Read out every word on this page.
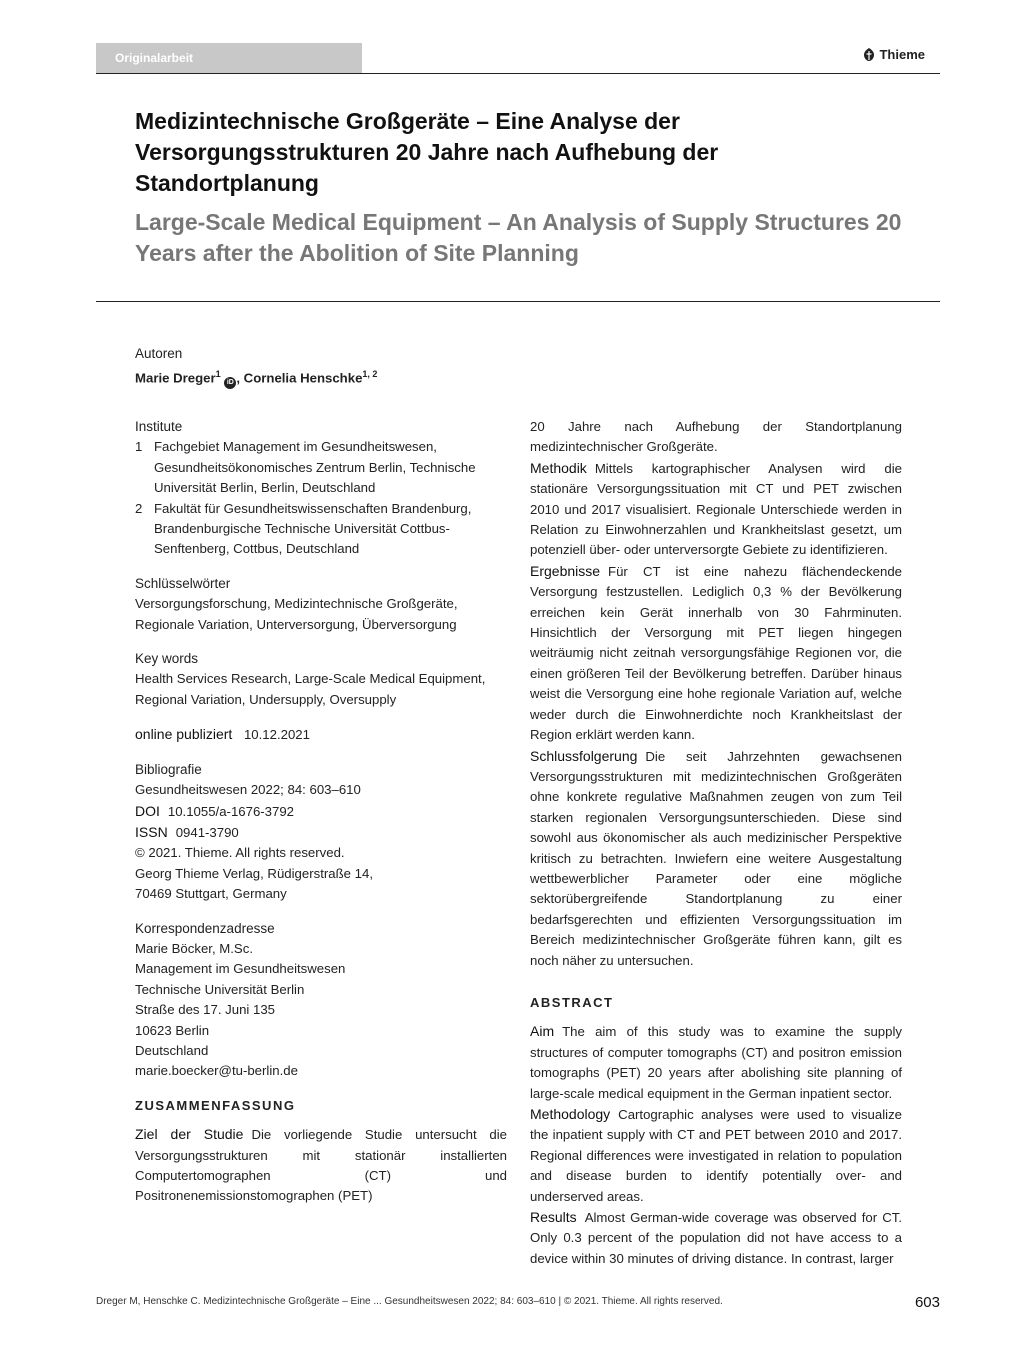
Originalarbeit	Thieme
Medizintechnische Großgeräte – Eine Analyse der Versorgungsstrukturen 20 Jahre nach Aufhebung der Standortplanung
Large-Scale Medical Equipment – An Analysis of Supply Structures 20 Years after the Abolition of Site Planning
Autoren
Marie Dreger$^1$ iD , Cornelia Henschke$^{1, 2}$
Institute
1 Fachgebiet Management im Gesundheitswesen, Gesundheitsökonomisches Zentrum Berlin, Technische Universität Berlin, Berlin, Deutschland
2 Fakultät für Gesundheitswissenschaften Brandenburg, Brandenburgische Technische Universität Cottbus-Senftenberg, Cottbus, Deutschland
Schlüsselwörter
Versorgungsforschung, Medizintechnische Großgeräte, Regionale Variation, Unterversorgung, Überversorgung
Key words
Health Services Research, Large-Scale Medical Equipment, Regional Variation, Undersupply, Oversupply
online publiziert 10.12.2021
Bibliografie
Gesundheitswesen 2022; 84: 603–610
DOI 10.1055/a-1676-3792
ISSN 0941-3790
© 2021. Thieme. All rights reserved.
Georg Thieme Verlag, Rüdigerstraße 14,
70469 Stuttgart, Germany
Korrespondenzadresse
Marie Böcker, M.Sc.
Management im Gesundheitswesen
Technische Universität Berlin
Straße des 17. Juni 135
10623 Berlin
Deutschland
marie.boecker@tu-berlin.de
ZUSAMMENFASSUNG

Ziel der Studie Die vorliegende Studie untersucht die Versorgungsstrukturen mit stationär installierten Computertomographen (CT) und Positronenemissionstomographen (PET)

20 Jahre nach Aufhebung der Standortplanung medizintechnischer Großgeräte.

Methodik Mittels kartographischer Analysen wird die stationäre Versorgungssituation mit CT und PET zwischen 2010 und 2017 visualisiert. Regionale Unterschiede werden in Relation zu Einwohnerzahlen und Krankheitslast gesetzt, um potenziell über- oder unterversorgte Gebiete zu identifizieren.

Ergebnisse Für CT ist eine nahezu flächendeckende Versorgung festzustellen. Lediglich 0,3 % der Bevölkerung erreichen kein Gerät innerhalb von 30 Fahrminuten. Hinsichtlich der Versorgung mit PET liegen hingegen weiträumig nicht zeitnah versorgungsfähige Regionen vor, die einen größeren Teil der Bevölkerung betreffen. Darüber hinaus weist die Versorgung eine hohe regionale Variation auf, welche weder durch die Einwohnerdichte noch Krankheitslast der Region erklärt werden kann.

Schlussfolgerung Die seit Jahrzehnten gewachsenen Versorgungsstrukturen mit medizintechnischen Großgeräten ohne konkrete regulative Maßnahmen zeugen von zum Teil starken regionalen Versorgungsunterschieden. Diese sind sowohl aus ökonomischer als auch medizinischer Perspektive kritisch zu betrachten. Inwiefern eine weitere Ausgestaltung wettbewerblicher Parameter oder eine mögliche sektorübergreifende Standortplanung zu einer bedarfsgerechten und effizienten Versorgungssituation im Bereich medizintechnischer Großgeräte führen kann, gilt es noch näher zu untersuchen.

ABSTRACT

Aim The aim of this study was to examine the supply structures of computer tomographs (CT) and positron emission tomographs (PET) 20 years after abolishing site planning of large-scale medical equipment in the German inpatient sector.

Methodology Cartographic analyses were used to visualize the inpatient supply with CT and PET between 2010 and 2017. Regional differences were investigated in relation to population and disease burden to identify potentially over- and underserved areas.

Results Almost German-wide coverage was observed for CT. Only 0.3 percent of the population did not have access to a device within 30 minutes of driving distance. In contrast, larger

Dreger M, Henschke C. Medizintechnische Großgeräte – Eine ... Gesundheitswesen 2022; 84: 603–610 | © 2021. Thieme. All rights reserved.	603
